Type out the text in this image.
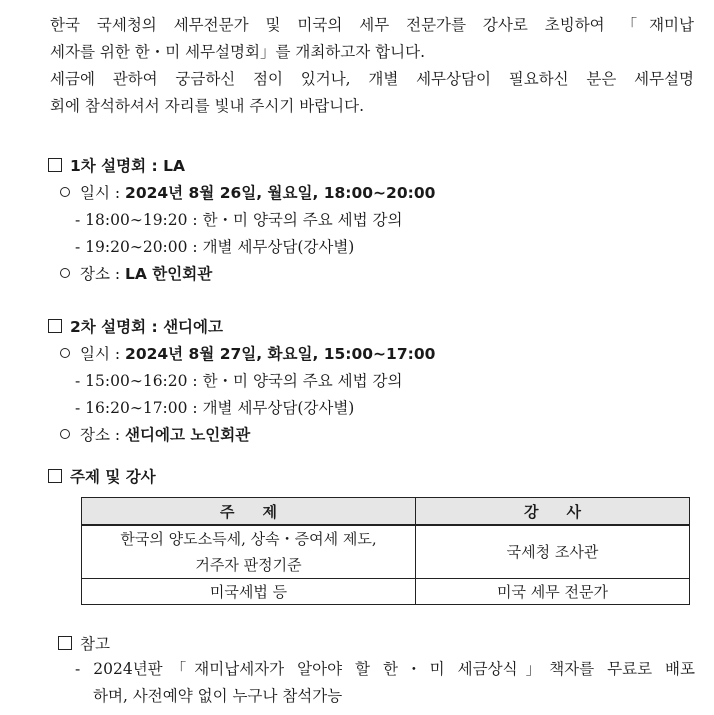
한국 국세청의 세무전문가 및 미국의 세무 전문가를 강사로 초빙하여 「재미납

세자를 위한 한・미 세무설명회」를 개최하고자 합니다.

세금에 관하여 궁금하신 점이 있거나, 개별 세무상담이 필요하신 분은 세무설명

회에 참석하셔서 자리를 빛내 주시기 바랍니다.

1차 설명회 : LA
일시 : 2024년 8월 26일, 월요일, 18:00∼20:00
- 18:00∼19:20 : 한・미 양국의 주요 세법 강의
- 19:20∼20:00 : 개별 세무상담(강사별)
장소 : LA 한인회관
2차 설명회 : 샌디에고
일시 : 2024년 8월 27일, 화요일, 15:00∼17:00
- 15:00∼16:20 : 한・미 양국의 주요 세법 강의
- 16:20∼17:00 : 개별 세무상담(강사별)
장소 : 샌디에고 노인회관
주제 및 강사
주제	강사

한국의 양도소득세, 상속・증여세 제도,
거주자 판정기준	국세청 조사관
미국세법 등	미국 세무 전문가
참고

- 2024년판「재미납세자가 알아야 할 한・미 세금상식」책자를 무료로 배포

하며, 사전예약 없이 누구나 참석가능
